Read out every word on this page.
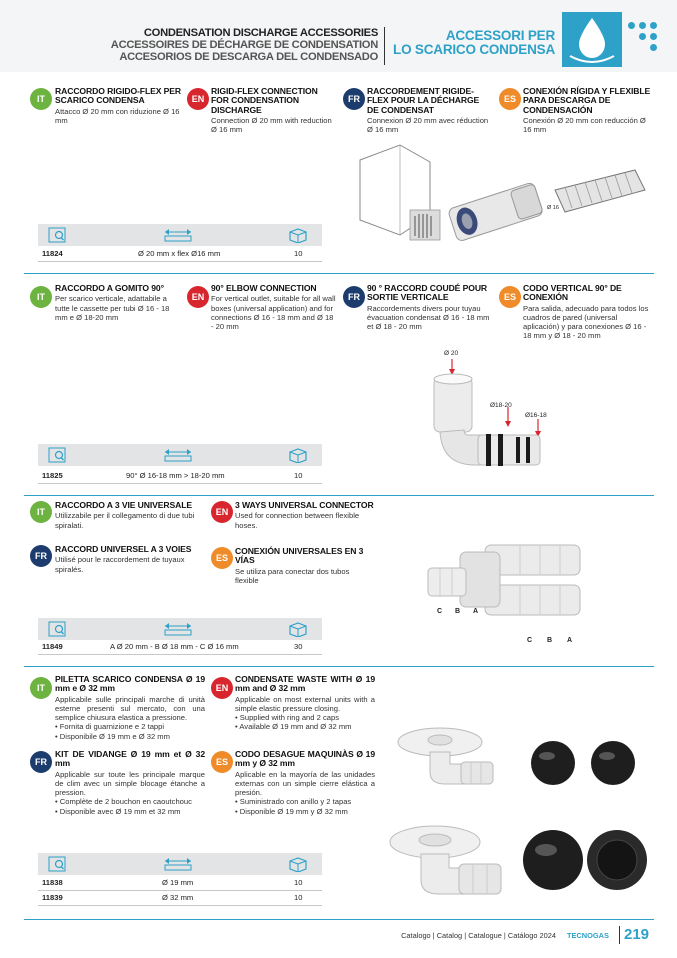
CONDENSATION DISCHARGE ACCESSORIES
ACCESSOIRES DE DÉCHARGE DE CONDENSATION
ACCESORIOS DE DESCARGA DEL CONDENSADO
ACCESSORI PER
LO SCARICO CONDENSA
IT
RACCORDO RIGIDO-FLEX PER SCARICO CONDENSA
Attacco Ø 20 mm con riduzione Ø 16 mm
EN
RIGID-FLEX CONNECTION FOR CONDENSATION DISCHARGE
Connection Ø 20 mm with reduction Ø 16 mm
FR
RACCORDEMENT RIGIDE-FLEX POUR LA DÉCHARGE DE CONDENSAT
Connexion Ø 20 mm avec réduction Ø 16 mm
ES
CONEXIÓN RÍGIDA Y FLEXIBLE PARA DESCARGA DE CONDENSACIÓN
Conexión Ø 20 mm con reducción Ø 16 mm
Ø 16
11824	Ø 20 mm x flex Ø16 mm	10
IT
RACCORDO A GOMITO 90°
Per scarico verticale, adattabile a tutte le cassette per tubi Ø 16 - 18 mm e Ø 18-20 mm
EN
90° ELBOW CONNECTION
For vertical outlet, suitable for all wall boxes (universal application) and for connections Ø 16 - 18 mm and Ø 18 - 20 mm
FR
90 ° RACCORD COUDÉ POUR SORTIE VERTICALE
Raccordements divers pour tuyau évacuation condensat Ø 16 - 18 mm et Ø 18 - 20 mm
ES
CODO VERTICAL 90° DE CONEXIÓN
Para salida, adecuado para todos los cuadros de pared (universal aplicación) y para conexiones Ø 16 - 18 mm y Ø 18 - 20 mm
Ø 20
Ø18-20
Ø16-18
11825	90° Ø 16-18 mm > 18-20 mm	10
IT
RACCORDO A 3 VIE UNIVERSALE
Utilizzabile per il collegamento di due tubi spiralati.
EN
3 WAYS UNIVERSAL CONNECTOR
Used for connection between flexible hoses.
FR
RACCORD UNIVERSEL A 3 VOIES
Utilisé pour le raccordement de tuyaux spiralés.
ES
CONEXIÓN UNIVERSALES EN 3 VÍAS
Se utiliza para conectar dos tubos flexible
C B A
C B A
11849	A Ø 20 mm - B Ø 18 mm - C Ø 16 mm	30
IT
PILETTA SCARICO CONDENSA Ø 19 mm e Ø 32 mm
Applicabile sulle principali marche di unità esterne presenti sul mercato, con una semplice chiusura elastica a pressione.
• Fornita di guarnizione e 2 tappi
• Disponibile Ø 19 mm e Ø 32 mm
EN
CONDENSATE WASTE WITH Ø 19 mm and Ø 32 mm
Applicable on most external units with a simple elastic pressure closing.
• Supplied with ring and 2 caps
• Available Ø 19 mm and Ø 32 mm
FR
KIT DE VIDANGE Ø 19 mm et Ø 32 mm
Applicable sur toute les principale marque de clim avec un simple blocage étanche a pression.
• Complète de 2 bouchon en caoutchouc
• Disponible avec Ø 19 mm et 32 mm
ES
CODO DESAGUE MAQUINÀS Ø 19 mm y Ø 32 mm
Aplicable en la mayoría de las unidades externas con un simple cierre elástica a presión.
• Suministrado con anillo y 2 tapas
• Disponible Ø 19 mm y Ø 32 mm
11838	Ø 19 mm	10
11839	Ø 32 mm	10
Catalogo | Catalog | Catalogue | Catálogo 2024 TECNOGAS 219
